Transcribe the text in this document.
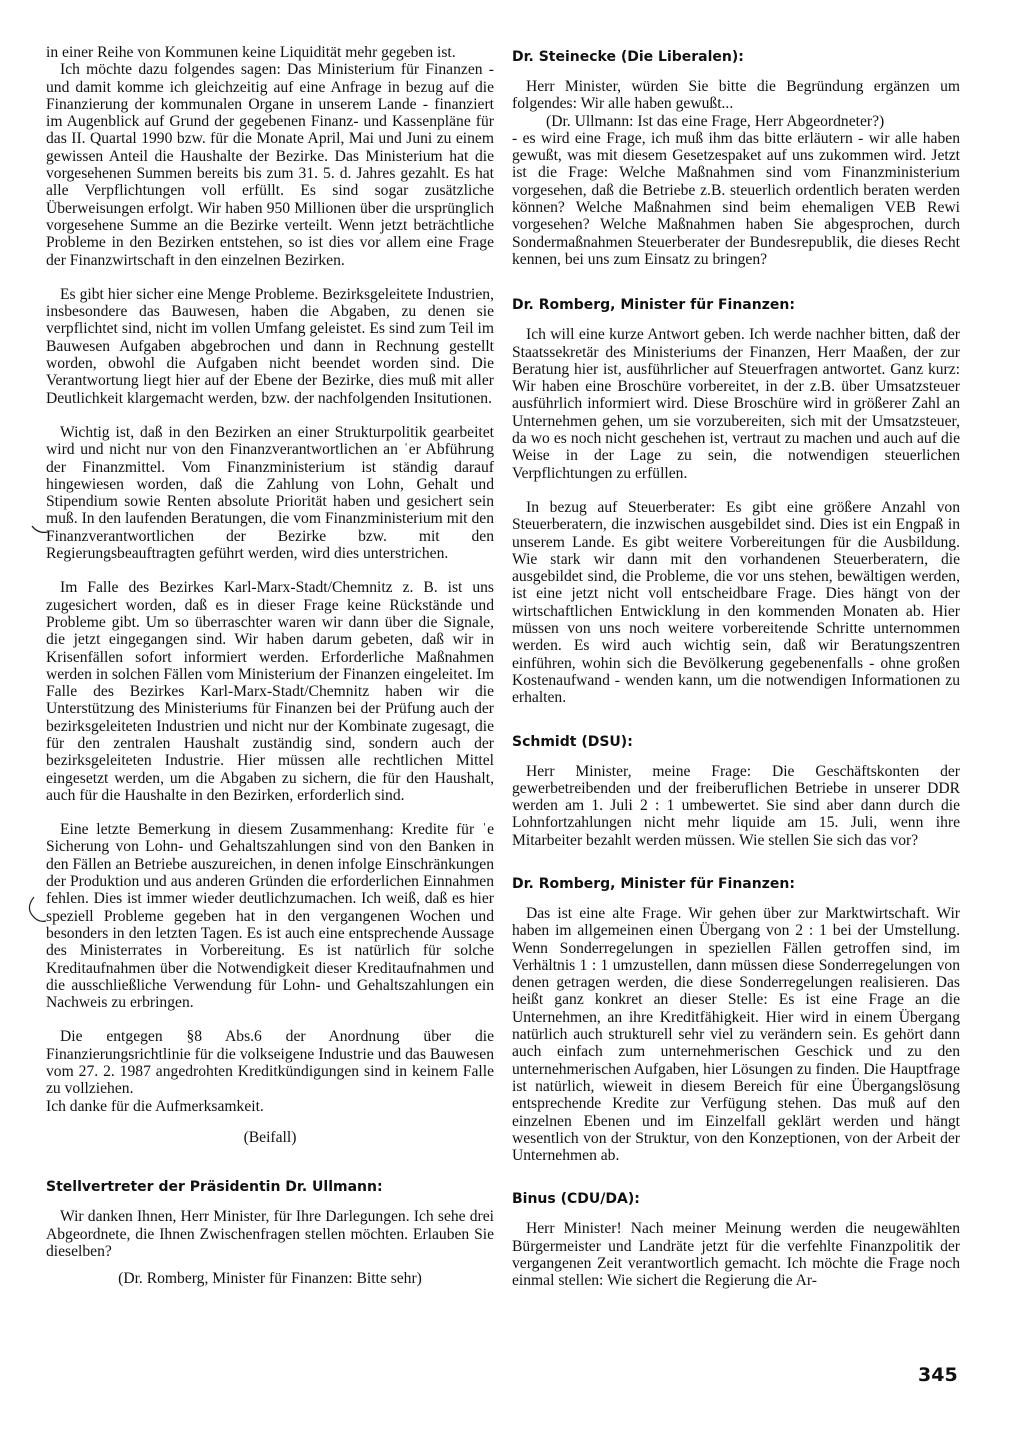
in einer Reihe von Kommunen keine Liquidität mehr gegeben ist.

Ich möchte dazu folgendes sagen: Das Ministerium für Finanzen - und damit komme ich gleichzeitig auf eine Anfrage in bezug auf die Finanzierung der kommunalen Organe in unserem Lande - finanziert im Augenblick auf Grund der gegebenen Finanz- und Kassenpläne für das II. Quartal 1990 bzw. für die Monate April, Mai und Juni zu einem gewissen Anteil die Haushalte der Bezirke. Das Ministerium hat die vorgesehenen Summen bereits bis zum 31. 5. d. Jahres gezahlt. Es hat alle Verpflichtungen voll erfüllt. Es sind sogar zusätzliche Überweisungen erfolgt. Wir haben 950 Millionen über die ursprünglich vorgesehene Summe an die Bezirke verteilt. Wenn jetzt beträchtliche Probleme in den Bezirken entstehen, so ist dies vor allem eine Frage der Finanzwirtschaft in den einzelnen Bezirken.

Es gibt hier sicher eine Menge Probleme. Bezirksgeleitete Industrien, insbesondere das Bauwesen, haben die Abgaben, zu denen sie verpflichtet sind, nicht im vollen Umfang geleistet. Es sind zum Teil im Bauwesen Aufgaben abgebrochen und dann in Rechnung gestellt worden, obwohl die Aufgaben nicht beendet worden sind. Die Verantwortung liegt hier auf der Ebene der Bezirke, dies muß mit aller Deutlichkeit klargemacht werden, bzw. der nachfolgenden Insitutionen.

Wichtig ist, daß in den Bezirken an einer Strukturpolitik gearbeitet wird und nicht nur von den Finanzverantwortlichen an ˈer Abführung der Finanzmittel. Vom Finanzministerium ist ständig darauf hingewiesen worden, daß die Zahlung von Lohn, Gehalt und Stipendium sowie Renten absolute Priorität haben und gesichert sein muß. In den laufenden Beratungen, die vom Finanzministerium mit den Finanzverantwortlichen der Bezirke bzw. mit den Regierungsbeauftragten geführt werden, wird dies unterstrichen.

Im Falle des Bezirkes Karl-Marx-Stadt/Chemnitz z. B. ist uns zugesichert worden, daß es in dieser Frage keine Rückstände und Probleme gibt. Um so überraschter waren wir dann über die Signale, die jetzt eingegangen sind. Wir haben darum gebeten, daß wir in Krisenfällen sofort informiert werden. Erforderliche Maßnahmen werden in solchen Fällen vom Ministerium der Finanzen eingeleitet. Im Falle des Bezirkes Karl-Marx-Stadt/Chemnitz haben wir die Unterstützung des Ministeriums für Finanzen bei der Prüfung auch der bezirksgeleiteten Industrien und nicht nur der Kombinate zugesagt, die für den zentralen Haushalt zuständig sind, sondern auch der bezirksgeleiteten Industrie. Hier müssen alle rechtlichen Mittel eingesetzt werden, um die Abgaben zu sichern, die für den Haushalt, auch für die Haushalte in den Bezirken, erforderlich sind.

Eine letzte Bemerkung in diesem Zusammenhang: Kredite für ˈe Sicherung von Lohn- und Gehaltszahlungen sind von den Banken in den Fällen an Betriebe auszureichen, in denen infolge Einschränkungen der Produktion und aus anderen Gründen die erforderlichen Einnahmen fehlen. Dies ist immer wieder deutlichzumachen. Ich weiß, daß es hier speziell Probleme gegeben hat in den vergangenen Wochen und besonders in den letzten Tagen. Es ist auch eine entsprechende Aussage des Ministerrates in Vorbereitung. Es ist natürlich für solche Kreditaufnahmen über die Notwendigkeit dieser Kreditaufnahmen und die ausschließliche Verwendung für Lohn- und Gehaltszahlungen ein Nachweis zu erbringen.

Die entgegen §8 Abs.6 der Anordnung über die Finanzierungsrichtlinie für die volkseigene Industrie und das Bauwesen vom 27. 2. 1987 angedrohten Kreditkündigungen sind in keinem Falle zu vollziehen.

Ich danke für die Aufmerksamkeit.

(Beifall)

Stellvertreter der Präsidentin Dr. Ullmann:

Wir danken Ihnen, Herr Minister, für Ihre Darlegungen. Ich sehe drei Abgeordnete, die Ihnen Zwischenfragen stellen möchten. Erlauben Sie dieselben?

(Dr. Romberg, Minister für Finanzen: Bitte sehr)

Dr. Steinecke (Die Liberalen):

Herr Minister, würden Sie bitte die Begründung ergänzen um folgendes: Wir alle haben gewußt...

(Dr. Ullmann: Ist das eine Frage, Herr Abgeordneter?)

- es wird eine Frage, ich muß ihm das bitte erläutern - wir alle haben gewußt, was mit diesem Gesetzespaket auf uns zukommen wird. Jetzt ist die Frage: Welche Maßnahmen sind vom Finanzministerium vorgesehen, daß die Betriebe z.B. steuerlich ordentlich beraten werden können? Welche Maßnahmen sind beim ehemaligen VEB Rewi vorgesehen? Welche Maßnahmen haben Sie abgesprochen, durch Sondermaßnahmen Steuerberater der Bundesrepublik, die dieses Recht kennen, bei uns zum Einsatz zu bringen?

Dr. Romberg, Minister für Finanzen:

Ich will eine kurze Antwort geben. Ich werde nachher bitten, daß der Staatssekretär des Ministeriums der Finanzen, Herr Maaßen, der zur Beratung hier ist, ausführlicher auf Steuerfragen antwortet. Ganz kurz: Wir haben eine Broschüre vorbereitet, in der z.B. über Umsatzsteuer ausführlich informiert wird. Diese Broschüre wird in größerer Zahl an Unternehmen gehen, um sie vorzubereiten, sich mit der Umsatzsteuer, da wo es noch nicht geschehen ist, vertraut zu machen und auch auf die Weise in der Lage zu sein, die notwendigen steuerlichen Verpflichtungen zu erfüllen.

In bezug auf Steuerberater: Es gibt eine größere Anzahl von Steuerberatern, die inzwischen ausgebildet sind. Dies ist ein Engpaß in unserem Lande. Es gibt weitere Vorbereitungen für die Ausbildung. Wie stark wir dann mit den vorhandenen Steuerberatern, die ausgebildet sind, die Probleme, die vor uns stehen, bewältigen werden, ist eine jetzt nicht voll entscheidbare Frage. Dies hängt von der wirtschaftlichen Entwicklung in den kommenden Monaten ab. Hier müssen von uns noch weitere vorbereitende Schritte unternommen werden. Es wird auch wichtig sein, daß wir Beratungszentren einführen, wohin sich die Bevölkerung gegebenenfalls - ohne großen Kostenaufwand - wenden kann, um die notwendigen Informationen zu erhalten.

Schmidt (DSU):

Herr Minister, meine Frage: Die Geschäftskonten der gewerbetreibenden und der freiberuflichen Betriebe in unserer DDR werden am 1. Juli 2 : 1 umbewertet. Sie sind aber dann durch die Lohnfortzahlungen nicht mehr liquide am 15. Juli, wenn ihre Mitarbeiter bezahlt werden müssen. Wie stellen Sie sich das vor?

Dr. Romberg, Minister für Finanzen:

Das ist eine alte Frage. Wir gehen über zur Marktwirtschaft. Wir haben im allgemeinen einen Übergang von 2 : 1 bei der Umstellung. Wenn Sonderregelungen in speziellen Fällen getroffen sind, im Verhältnis 1 : 1 umzustellen, dann müssen diese Sonderregelungen von denen getragen werden, die diese Sonderregelungen realisieren. Das heißt ganz konkret an dieser Stelle: Es ist eine Frage an die Unternehmen, an ihre Kreditfähigkeit. Hier wird in einem Übergang natürlich auch strukturell sehr viel zu verändern sein. Es gehört dann auch einfach zum unternehmerischen Geschick und zu den unternehmerischen Aufgaben, hier Lösungen zu finden. Die Hauptfrage ist natürlich, wieweit in diesem Bereich für eine Übergangslösung entsprechende Kredite zur Verfügung stehen. Das muß auf den einzelnen Ebenen und im Einzelfall geklärt werden und hängt wesentlich von der Struktur, von den Konzeptionen, von der Arbeit der Unternehmen ab.

Binus (CDU/DA):

Herr Minister! Nach meiner Meinung werden die neugewählten Bürgermeister und Landräte jetzt für die verfehlte Finanzpolitik der vergangenen Zeit verantwortlich gemacht. Ich möchte die Frage noch einmal stellen: Wie sichert die Regierung die Ar-

345
